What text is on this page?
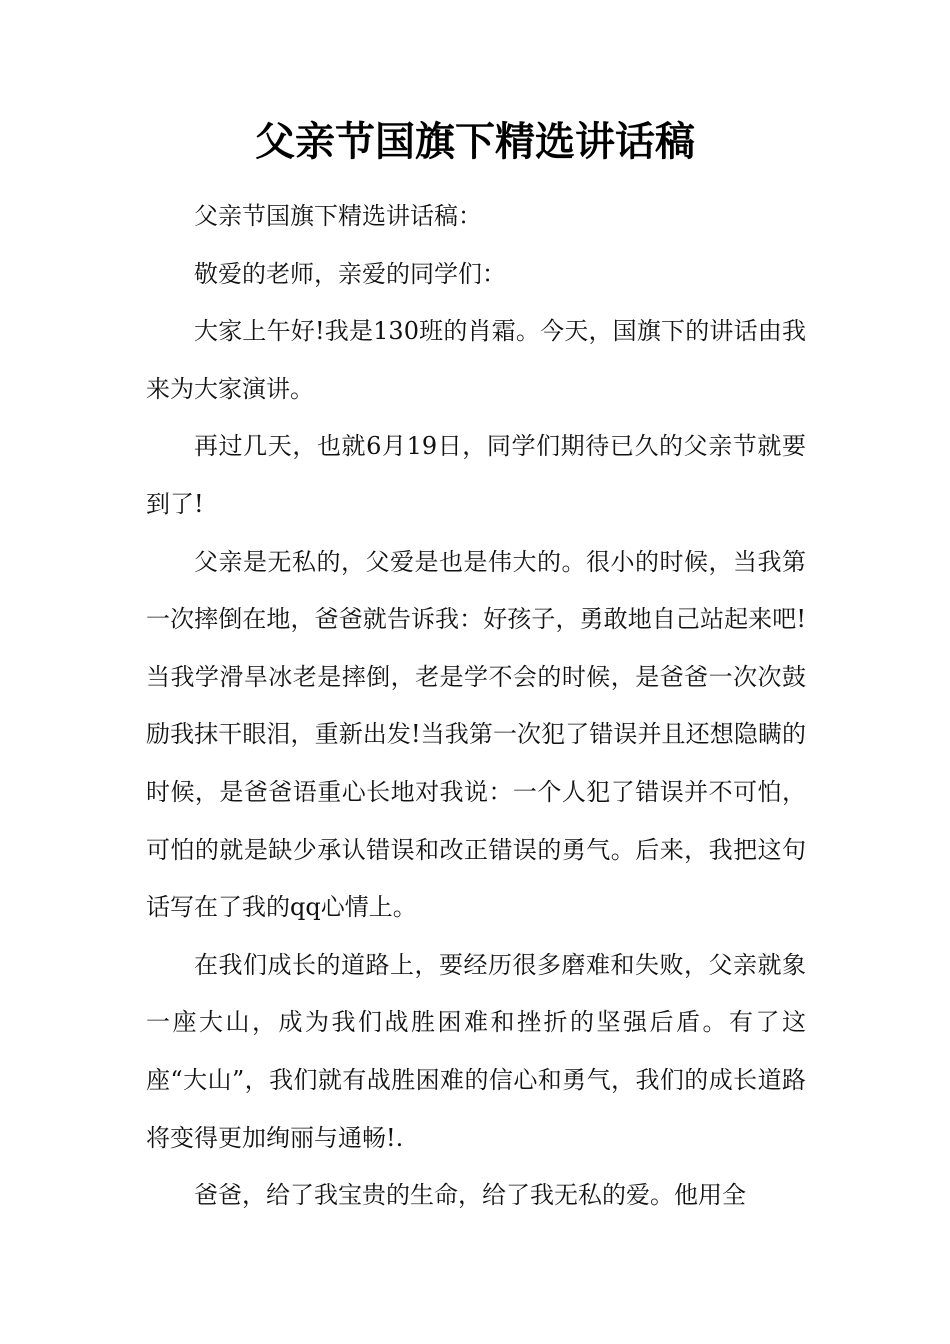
父亲节国旗下精选讲话稿

父亲节国旗下精选讲话稿：

敬爱的老师，亲爱的同学们：

大家上午好!我是130班的肖霜。今天，国旗下的讲话由我来为大家演讲。

再过几天，也就6月19日，同学们期待已久的父亲节就要到了!

父亲是无私的，父爱是也是伟大的。很小的时候，当我第一次摔倒在地，爸爸就告诉我：好孩子，勇敢地自己站起来吧!当我学滑旱冰老是摔倒，老是学不会的时候，是爸爸一次次鼓励我抹干眼泪，重新出发!当我第一次犯了错误并且还想隐瞒的时候，是爸爸语重心长地对我说：一个人犯了错误并不可怕，可怕的就是缺少承认错误和改正错误的勇气。后来，我把这句话写在了我的qq心情上。

在我们成长的道路上，要经历很多磨难和失败，父亲就象一座大山，成为我们战胜困难和挫折的坚强后盾。有了这座“大山”，我们就有战胜困难的信心和勇气，我们的成长道路将变得更加绚丽与通畅!.

爸爸，给了我宝贵的生命，给了我无私的爱。他用全
